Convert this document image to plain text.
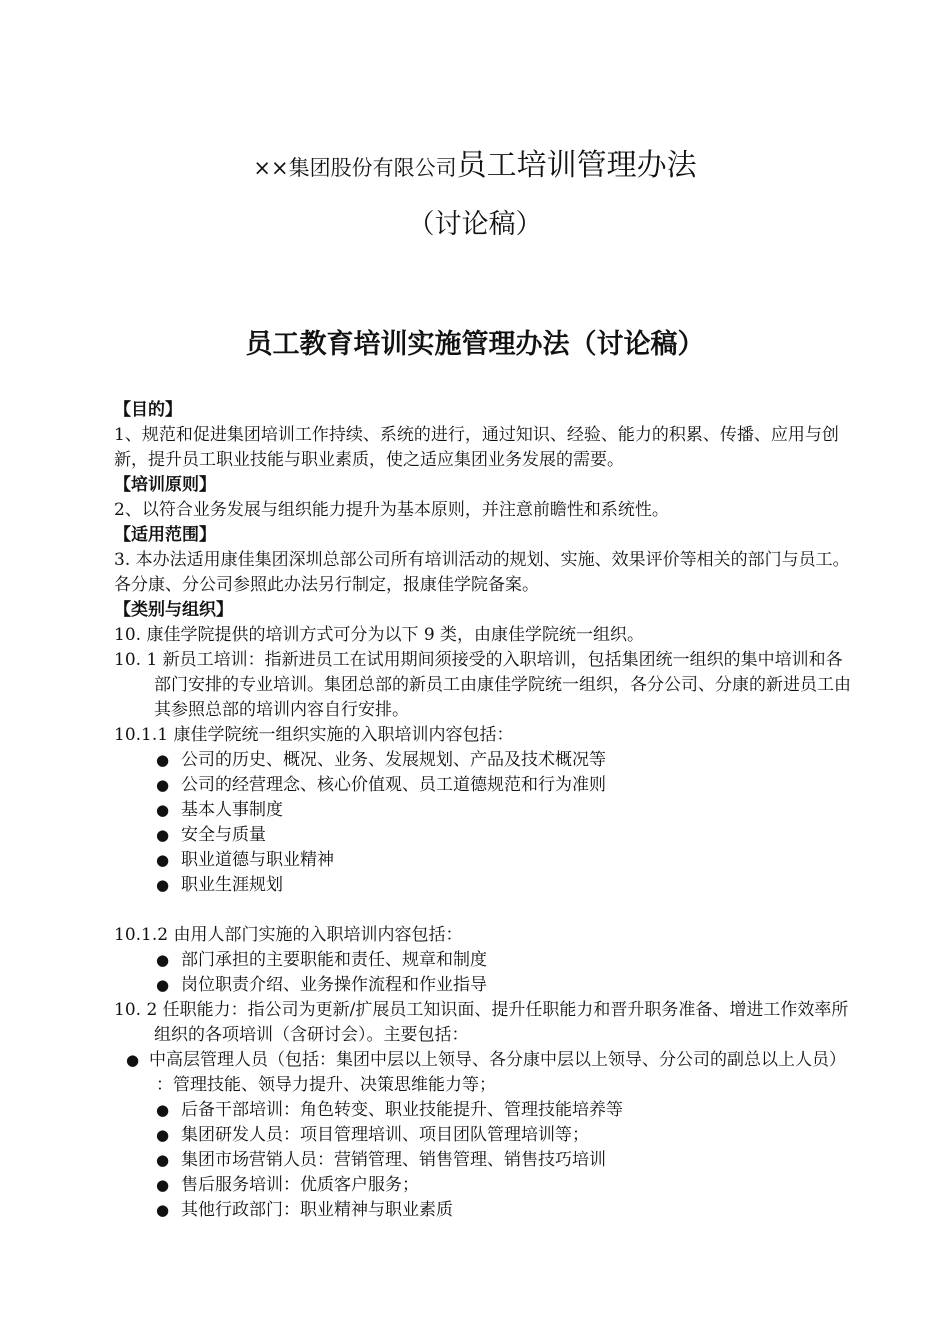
××集团股份有限公司员工培训管理办法
（讨论稿）
员工教育培训实施管理办法（讨论稿）
【目的】
1、规范和促进集团培训工作持续、系统的进行，通过知识、经验、能力的积累、传播、应用与创新，提升员工职业技能与职业素质，使之适应集团业务发展的需要。
【培训原则】
2、以符合业务发展与组织能力提升为基本原则，并注意前瞻性和系统性。
【适用范围】
3. 本办法适用康佳集团深圳总部公司所有培训活动的规划、实施、效果评价等相关的部门与员工。各分康、分公司参照此办法另行制定，报康佳学院备案。
【类别与组织】
10. 康佳学院提供的培训方式可分为以下 9 类，由康佳学院统一组织。
10. 1 新员工培训：指新进员工在试用期间须接受的入职培训，包括集团统一组织的集中培训和各部门安排的专业培训。集团总部的新员工由康佳学院统一组织，各分公司、分康的新进员工由其参照总部的培训内容自行安排。
10.1.1 康佳学院统一组织实施的入职培训内容包括：
● 公司的历史、概况、业务、发展规划、产品及技术概况等
● 公司的经营理念、核心价值观、员工道德规范和行为准则
● 基本人事制度
● 安全与质量
● 职业道德与职业精神
● 职业生涯规划
10.1.2 由用人部门实施的入职培训内容包括：
● 部门承担的主要职能和责任、规章和制度
● 岗位职责介绍、业务操作流程和作业指导
10. 2 任职能力：指公司为更新/扩展员工知识面、提升任职能力和晋升职务准备、增进工作效率所组织的各项培训（含研讨会）。主要包括：
● 中高层管理人员（包括：集团中层以上领导、各分康中层以上领导、分公司的副总以上人员） ：管理技能、领导力提升、决策思维能力等；
● 后备干部培训：角色转变、职业技能提升、管理技能培养等
● 集团研发人员：项目管理培训、项目团队管理培训等；
● 集团市场营销人员：营销管理、销售管理、销售技巧培训
● 售后服务培训：优质客户服务；
● 其他行政部门：职业精神与职业素质
